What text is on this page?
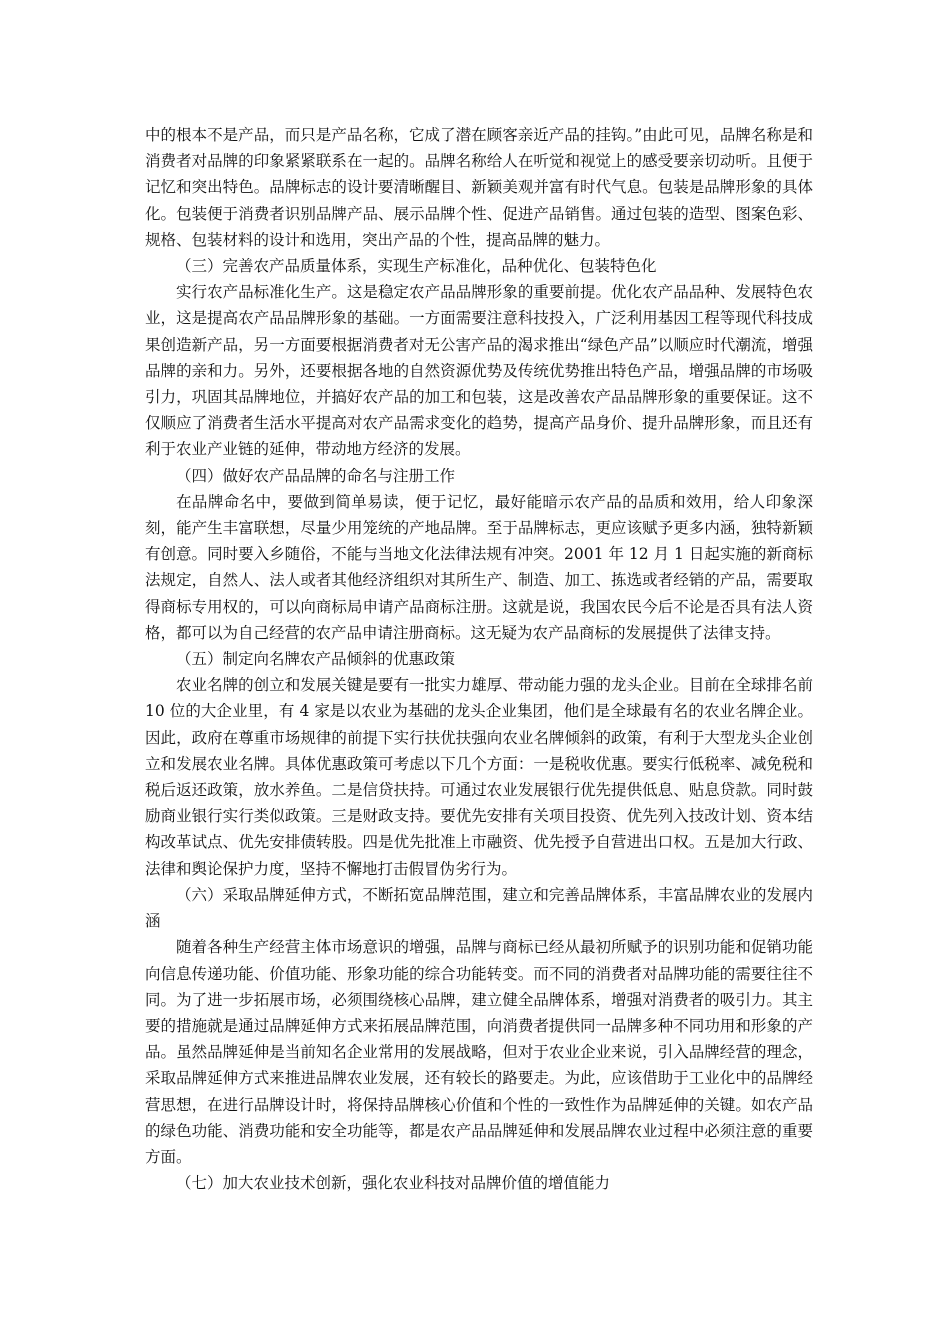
中的根本不是产品，而只是产品名称，它成了潜在顾客亲近产品的挂钩。”由此可见，品牌名称是和消费者对品牌的印象紧紧联系在一起的。品牌名称给人在听觉和视觉上的感受要亲切动听。且便于记忆和突出特色。品牌标志的设计要清晰醒目、新颖美观并富有时代气息。包装是品牌形象的具体化。包装便于消费者识别品牌产品、展示品牌个性、促进产品销售。通过包装的造型、图案色彩、规格、包装材料的设计和选用，突出产品的个性，提高品牌的魅力。

（三）完善农产品质量体系，实现生产标准化，品种优化、包装特色化

实行农产品标准化生产。这是稳定农产品品牌形象的重要前提。优化农产品品种、发展特色农业，这是提高农产品品牌形象的基础。一方面需要注意科技投入，广泛利用基因工程等现代科技成果创造新产品，另一方面要根据消费者对无公害产品的渴求推出“绿色产品”以顺应时代潮流，增强品牌的亲和力。另外，还要根据各地的自然资源优势及传统优势推出特色产品，增强品牌的市场吸引力，巩固其品牌地位，并搞好农产品的加工和包装，这是改善农产品品牌形象的重要保证。这不仅顺应了消费者生活水平提高对农产品需求变化的趋势，提高产品身价、提升品牌形象，而且还有利于农业产业链的延伸，带动地方经济的发展。

（四）做好农产品品牌的命名与注册工作

在品牌命名中，要做到简单易读，便于记忆，最好能暗示农产品的品质和效用，给人印象深刻，能产生丰富联想，尽量少用笼统的产地品牌。至于品牌标志，更应该赋予更多内涵，独特新颖有创意。同时要入乡随俗，不能与当地文化法律法规有冲突。2001 年 12 月 1 日起实施的新商标法规定，自然人、法人或者其他经济组织对其所生产、制造、加工、拣选或者经销的产品，需要取得商标专用权的，可以向商标局申请产品商标注册。这就是说，我国农民今后不论是否具有法人资格，都可以为自己经营的农产品申请注册商标。这无疑为农产品商标的发展提供了法律支持。

（五）制定向名牌农产品倾斜的优惠政策

农业名牌的创立和发展关键是要有一批实力雄厚、带动能力强的龙头企业。目前在全球排名前 10 位的大企业里，有 4 家是以农业为基础的龙头企业集团，他们是全球最有名的农业名牌企业。因此，政府在尊重市场规律的前提下实行扶优扶强向农业名牌倾斜的政策，有利于大型龙头企业创立和发展农业名牌。具体优惠政策可考虑以下几个方面：一是税收优惠。要实行低税率、减免税和税后返还政策，放水养鱼。二是信贷扶持。可通过农业发展银行优先提供低息、贴息贷款。同时鼓励商业银行实行类似政策。三是财政支持。要优先安排有关项目投资、优先列入技改计划、资本结构改革试点、优先安排债转股。四是优先批准上市融资、优先授予自营进出口权。五是加大行政、法律和舆论保护力度，坚持不懈地打击假冒伪劣行为。

（六）采取品牌延伸方式，不断拓宽品牌范围，建立和完善品牌体系，丰富品牌农业的发展内涵

随着各种生产经营主体市场意识的增强，品牌与商标已经从最初所赋予的识别功能和促销功能向信息传递功能、价值功能、形象功能的综合功能转变。而不同的消费者对品牌功能的需要往往不同。为了进一步拓展市场，必须围绕核心品牌，建立健全品牌体系，增强对消费者的吸引力。其主要的措施就是通过品牌延伸方式来拓展品牌范围，向消费者提供同一品牌多种不同功用和形象的产品。虽然品牌延伸是当前知名企业常用的发展战略，但对于农业企业来说，引入品牌经营的理念，采取品牌延伸方式来推进品牌农业发展，还有较长的路要走。为此，应该借助于工业化中的品牌经营思想，在进行品牌设计时，将保持品牌核心价值和个性的一致性作为品牌延伸的关键。如农产品的绿色功能、消费功能和安全功能等，都是农产品品牌延伸和发展品牌农业过程中必须注意的重要方面。

（七）加大农业技术创新，强化农业科技对品牌价值的增值能力
